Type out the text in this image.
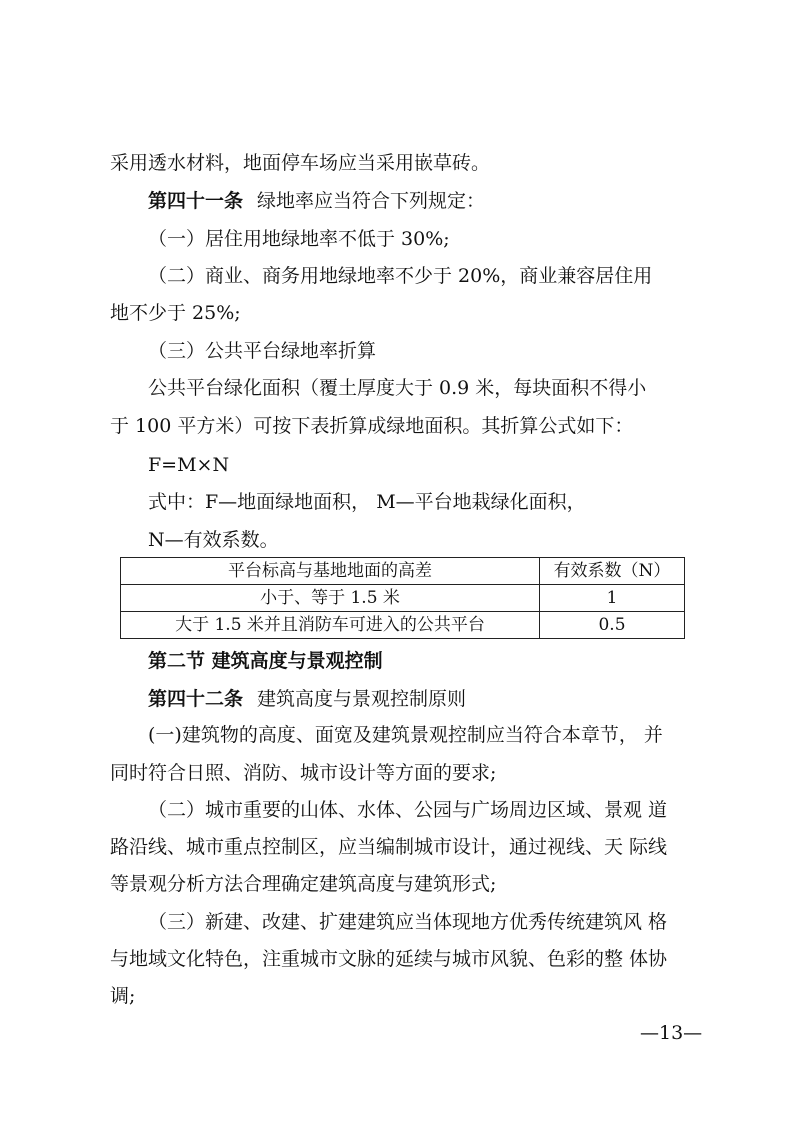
采用透水材料，地面停车场应当采用嵌草砖。
第四十一条 绿地率应当符合下列规定：
（一）居住用地绿地率不低于 30%;
（二）商业、商务用地绿地率不少于 20%，商业兼容居住用
地不少于 25%;
（三）公共平台绿地率折算
公共平台绿化面积（覆土厚度大于 0.9 米，每块面积不得小
于 100 平方米）可按下表折算成绿地面积。其折算公式如下：
F=M×N
式中：F—地面绿地面积， M—平台地栽绿化面积，
N—有效系数。
平台标高与基地地面的高差	有效系数（N）
小于、等于 1.5 米	1
大于 1.5 米并且消防车可进入的公共平台	0.5
第二节 建筑高度与景观控制
第四十二条 建筑高度与景观控制原则
(一)建筑物的高度、面宽及建筑景观控制应当符合本章节， 并
同时符合日照、消防、城市设计等方面的要求;
（二）城市重要的山体、水体、公园与广场周边区域、景观 道
路沿线、城市重点控制区，应当编制城市设计，通过视线、天 际线
等景观分析方法合理确定建筑高度与建筑形式;
（三）新建、改建、扩建建筑应当体现地方优秀传统建筑风 格
与地域文化特色，注重城市文脉的延续与城市风貌、色彩的整 体协
调;
—13—
